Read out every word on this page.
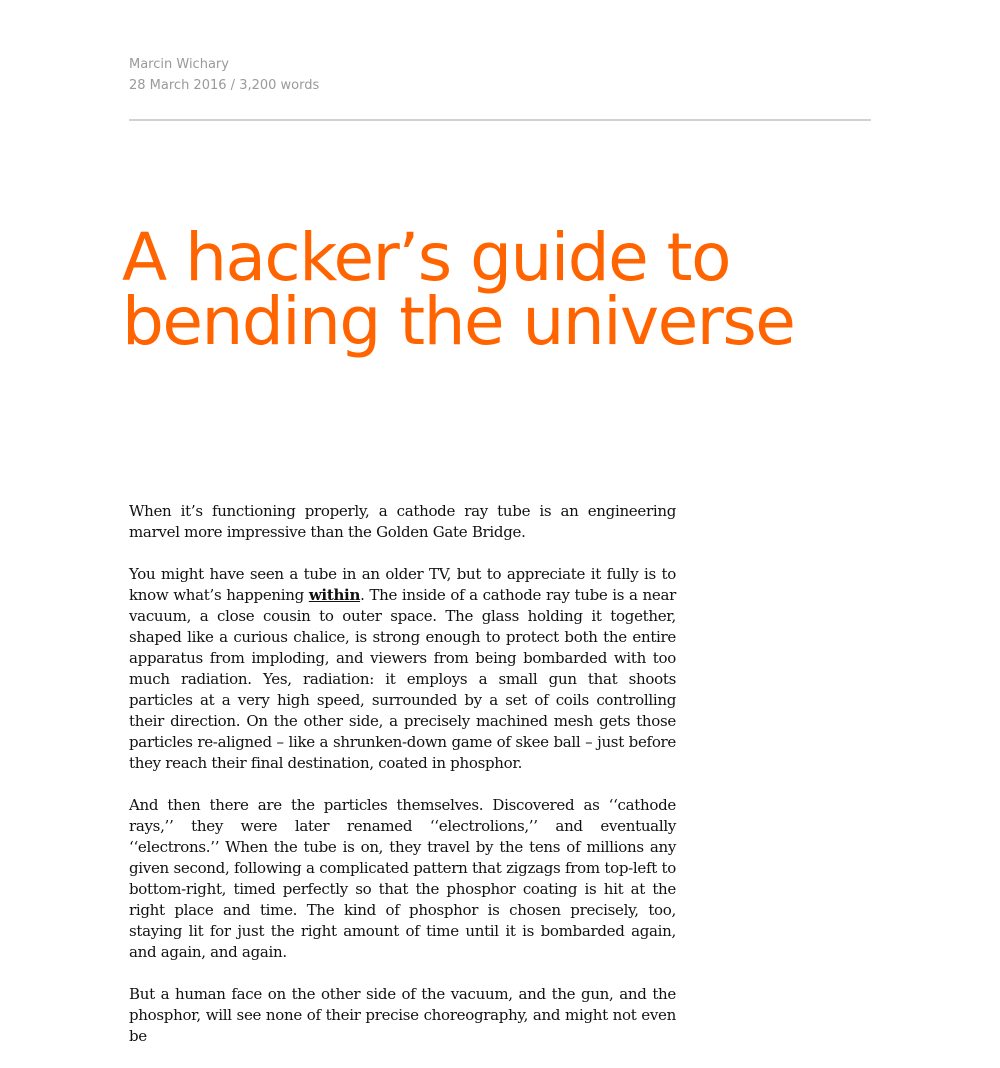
Marcin Wichary
28 March 2016 / 3,200 words
A hacker’s guide to
bending the universe

When it’s functioning properly, a cathode ray tube is an engineering marvel more impressive than the Golden Gate Bridge.

You might have seen a tube in an older TV, but to appreciate it fully is to know what’s happening within. The inside of a cathode ray tube is a near vacuum, a close cousin to outer space. The glass holding it together, shaped like a curious chalice, is strong enough to protect both the entire apparatus from imploding, and viewers from being bombarded with too much radiation. Yes, radiation: it employs a small gun that shoots particles at a very high speed, surrounded by a set of coils controlling their direction. On the other side, a precisely machined mesh gets those particles re-aligned – like a shrunken-down game of skee ball – just before they reach their final destination, coated in phosphor.

And then there are the particles themselves. Discovered as ‘‘cathode rays,’’ they were later renamed ‘‘electrolions,’’ and eventually ‘‘electrons.’’ When the tube is on, they travel by the tens of millions any given second, following a complicated pattern that zigzags from top-left to bottom-right, timed perfectly so that the phosphor coating is hit at the right place and time. The kind of phosphor is chosen precisely, too, staying lit for just the right amount of time until it is bombarded again, and again, and again.

But a human face on the other side of the vacuum, and the gun, and the phosphor, will see none of their precise choreography, and might not even be
